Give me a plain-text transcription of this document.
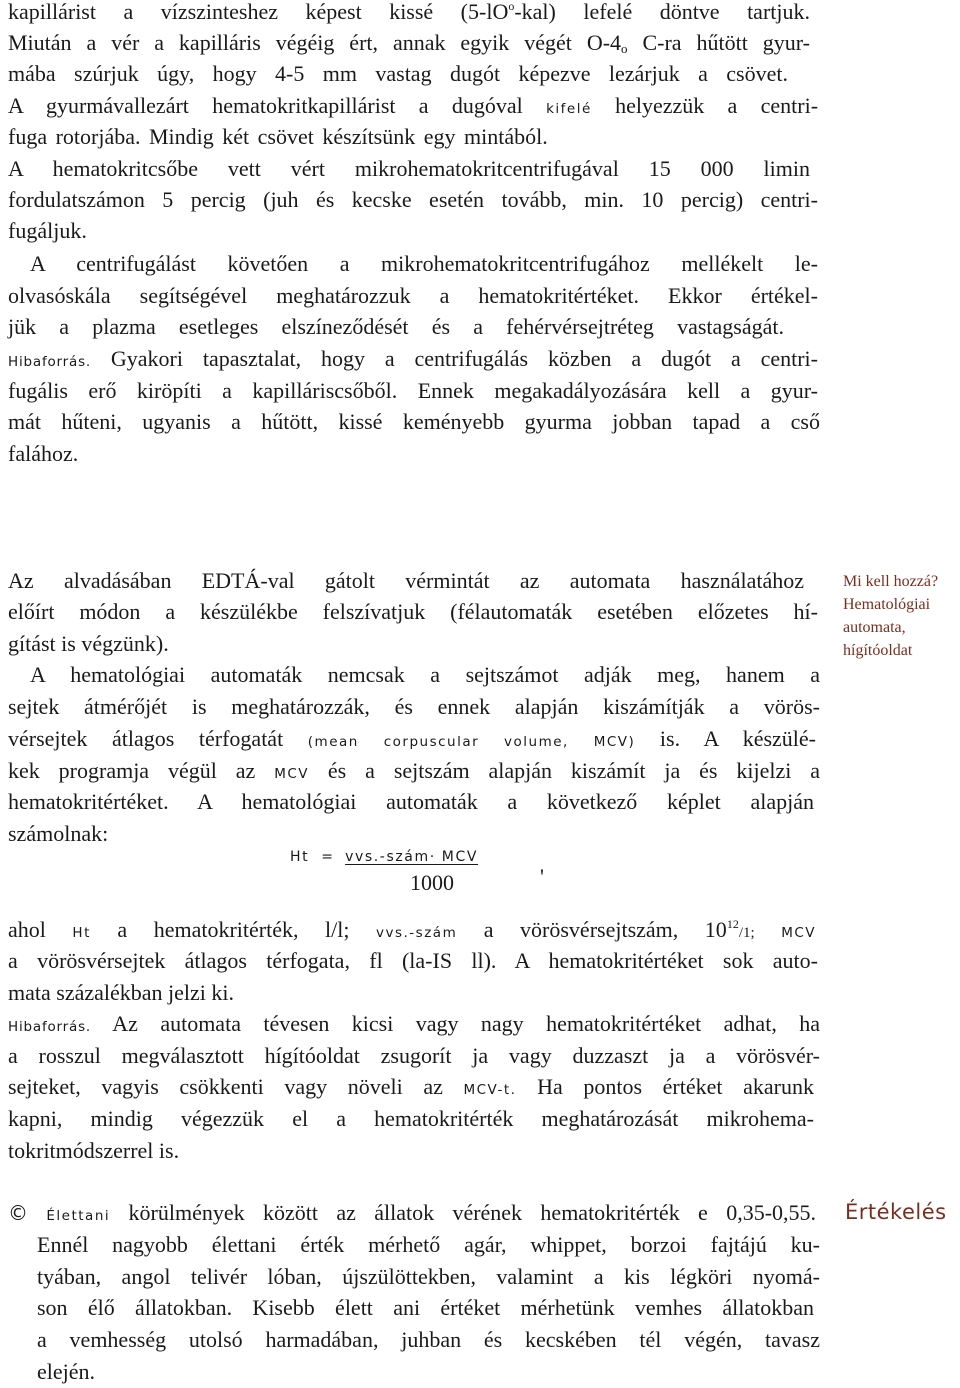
kapillárist a vízszinteshez képest kissé $(5-lO^o-kal)$ lefelé döntve tartjuk.
Miután a vér a kapilláris végéig ért, annak egyik végét O-4o C-ra hűtött gyur-
mába szúrjuk úgy, hogy 4-5 mm vastag dugót képezve lezárjuk a csövet.
A gyurmávallezárt hematokritkapillárist a dugóval kifelé helyezzük a centri-
fuga rotorjába. Mindig két csövet készítsünk egy mintából.
A hematokritcsőbe vett vért mikrohematokritcentrifugával 15 000 limin
fordulatszámon 5 percig (juh és kecske esetén tovább, min. 10 percig) centri-
fugáljuk.
A centrifugálást követően a mikrohematokritcentrifugához mellékelt le-
olvasóskála segítségével meghatározzuk a hematokritértéket. Ekkor értékel-
jük a plazma esetleges elszíneződését és a fehérvérsejtréteg vastagságát.
Hibaforrás. Gyakori tapasztalat, hogy a centrifugálás közben a dugót a centri-
fugális erő kiröpíti a kapilláriscsőből. Ennek megakadályozására kell a gyur-
mát hűteni, ugyanis a hűtött, kissé keményebb gyurma jobban tapad a cső
falához.
Az alvadásában EDTÁ-val gátolt vérmintát az automata használatához
előírt módon a készülékbe felszívatjuk (félautomaták esetében előzetes hí-
gítást is végzünk).
A hematológiai automaták nemcsak a sejtszámot adják meg, hanem a
sejtek átmérőjét is meghatározzák, és ennek alapján kiszámítják a vörös-
vérsejtek átlagos térfogatát (mean corpuscular volume, MCV) is. A készülé-
kek programja végül az MCV és a sejtszám alapján kiszámít ja és kijelzi a
hematokritértéket. A hematológiai automaták a következő képlet alapján
számolnak:
Ht = vvs.-szám· MCV
1000	'
ahol Ht a hematokritérték, l/l; vvs.-szám a vörösvérsejtszám, $10^{12}/1$; MCV
a vörösvérsejtek átlagos térfogata, fl (la-IS ll). A hematokritértéket sok auto-
mata százalékban jelzi ki.
Hibaforrás. Az automata tévesen kicsi vagy nagy hematokritértéket adhat, ha
a rosszul megválasztott hígítóoldat zsugorít ja vagy duzzaszt ja a vörösvér-
sejteket, vagyis csökkenti vagy növeli az MCV-t. Ha pontos értéket akarunk
kapni, mindig végezzük el a hematokritérték meghatározását mikrohema-
tokritmódszerrel is.
Mi kell hozzá?
Hematológiai
automata,
hígítóoldat
© Élettani körülmények között az állatok vérének hematokritérték e 0,35-0,55.
Ennél nagyobb élettani érték mérhető agár, whippet, borzoi fajtájú ku-
tyában, angol telivér lóban, újszülöttekben, valamint a kis légköri nyomá-
son élő állatokban. Kisebb élett ani értéket mérhetünk vemhes állatokban
a vemhesség utolsó harmadában, juhban és kecskében tél végén, tavasz
elején.
Értékelés
